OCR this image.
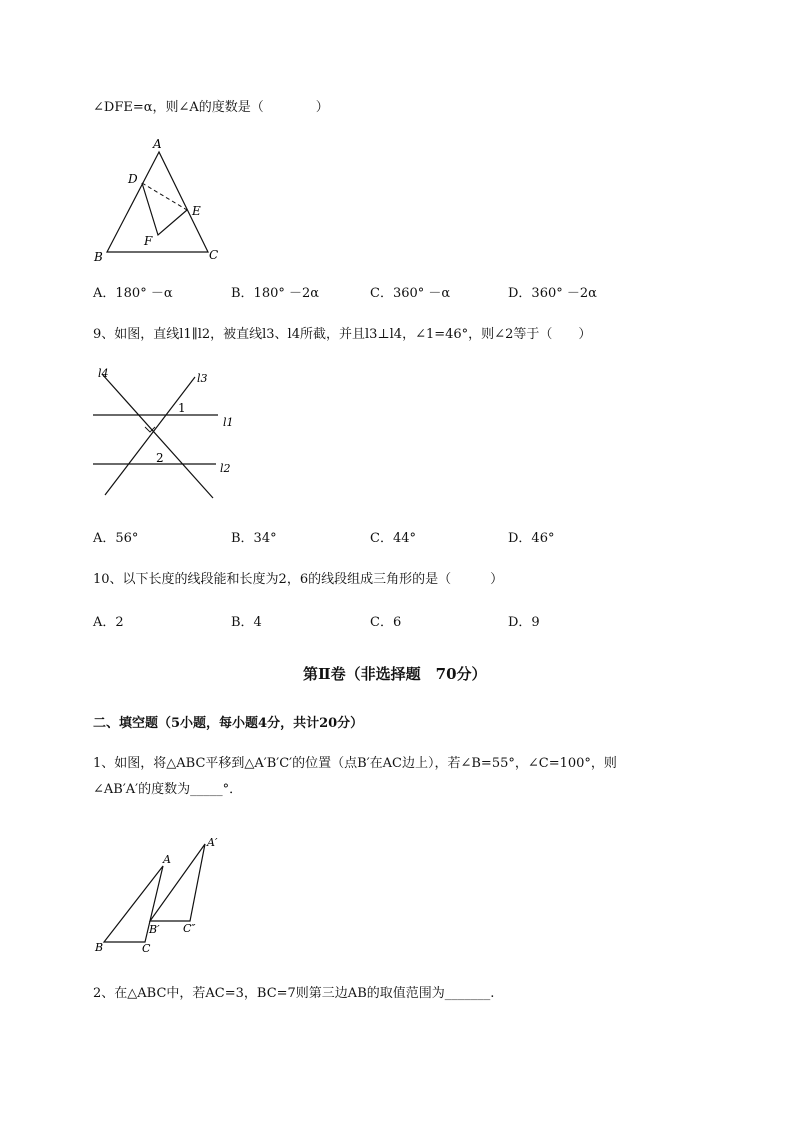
∠DFE=α，则∠A的度数是（　　　　）
A
D
E
F
B	C
A．180° －α	B．180° －2α	C．360° －α	D．360° －2α
9、如图，直线l1∥l2，被直线l3、l4所截，并且l3⊥l4，∠1=46°，则∠2等于（　　）
l4	l3
l1
l2
1
2
A．56°	B．34°	C．44°	D．46°
10、以下长度的线段能和长度为2，6的线段组成三角形的是（　　　）
A．2	B．4	C．6	D．9
第Ⅱ卷（非选择题　70分）
二、填空题（5小题，每小题4分，共计20分）
1、如图，将△ABC平移到△A′B′C′的位置（点B′在AC边上），若∠B=55°，∠C=100°，则
∠AB′A′的度数为_____°．
A
A′
B	C
B′ C″
2、在△ABC中，若AC=3，BC=7则第三边AB的取值范围为_______.
